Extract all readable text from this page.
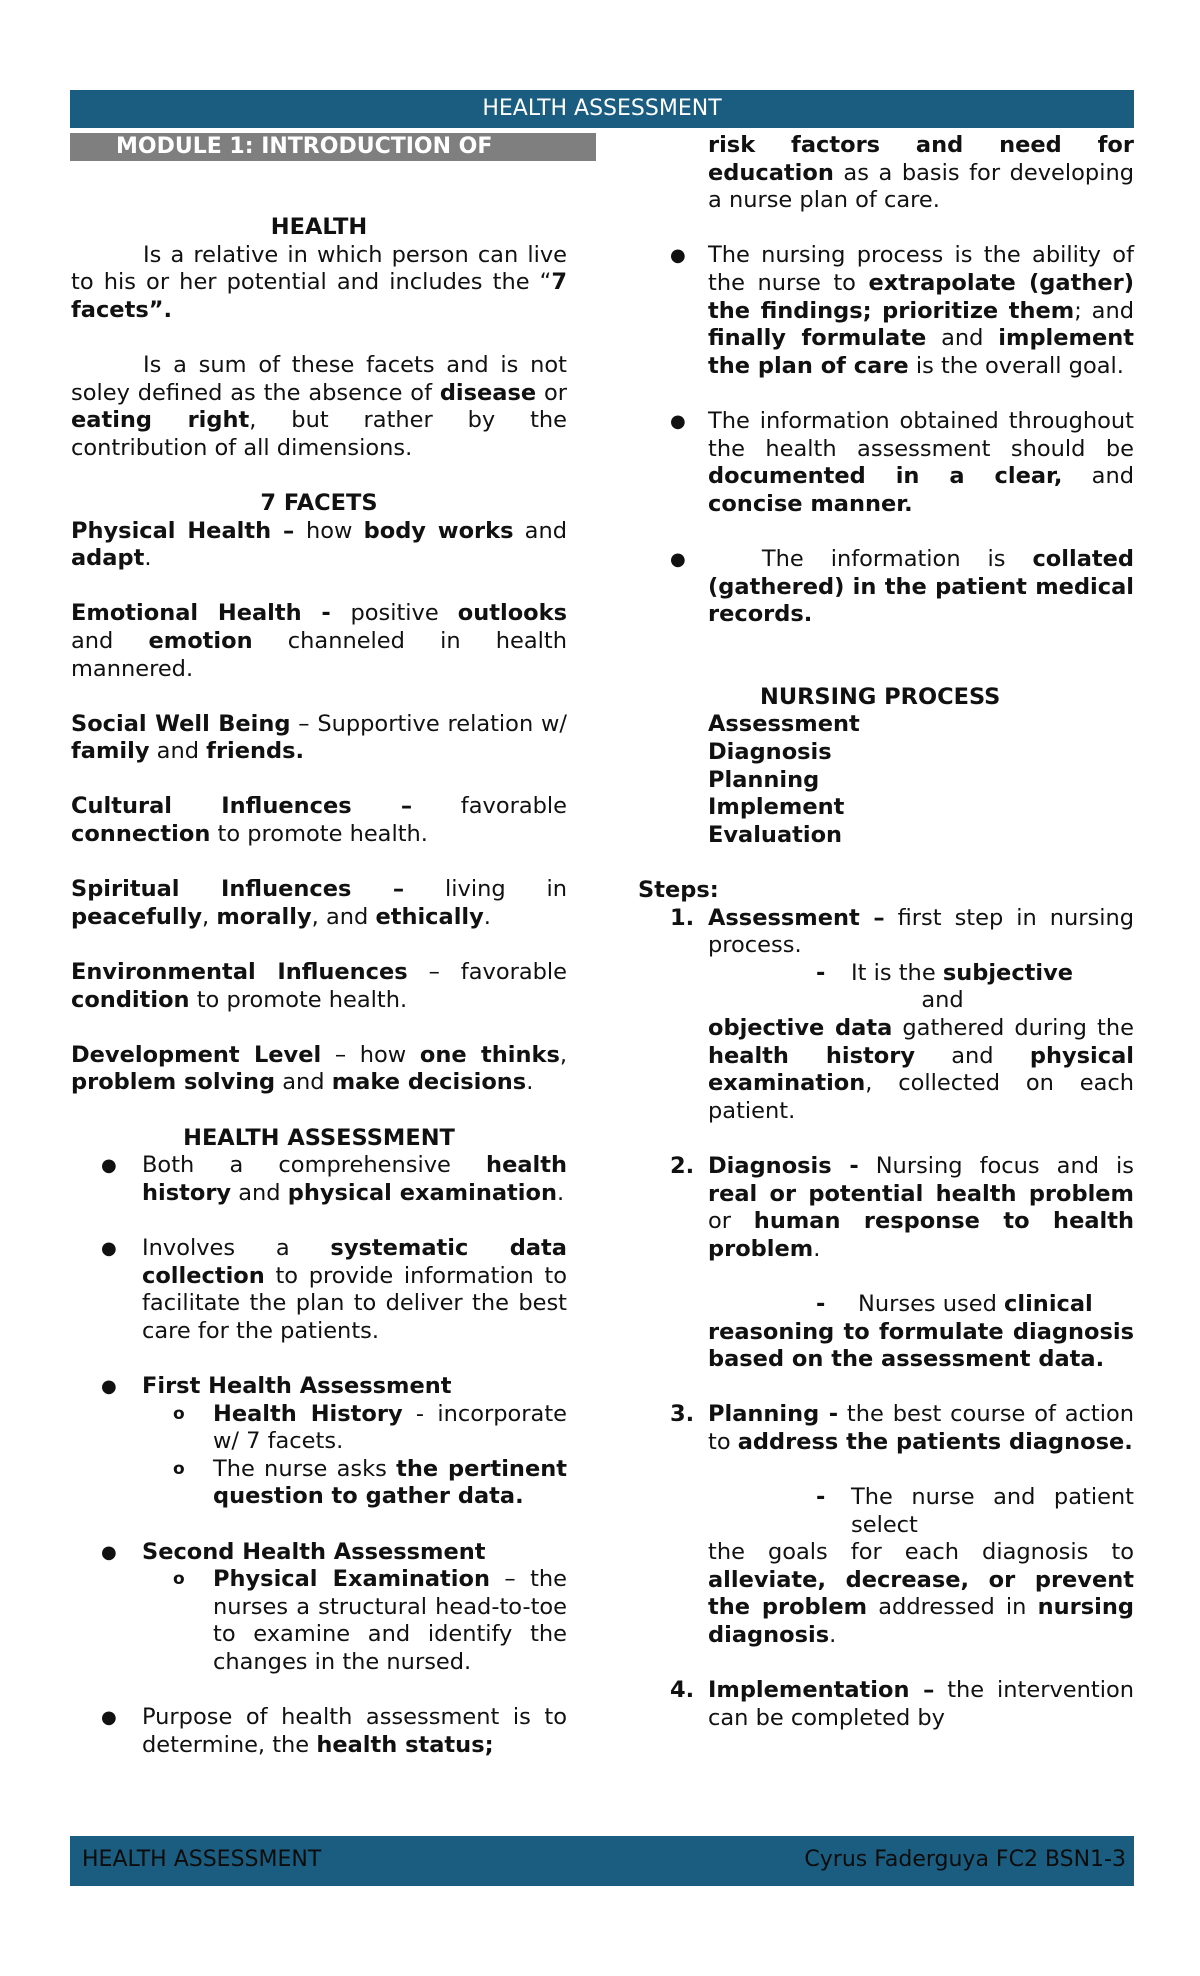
HEALTH ASSESSMENT
MODULE 1: INTRODUCTION OF

HEALTH

Is a relative in which person can live to his or her potential and includes the “7 facets”.

Is a sum of these facets and is not soley defined as the absence of disease or eating right, but rather by the contribution of all dimensions.

7 FACETS

Physical Health – how body works and adapt.

Emotional Health - positive outlooks and emotion channeled in health mannered.

Social Well Being – Supportive relation w/ family and friends.

Cultural Influences – favorable connection to promote health.

Spiritual Influences – living in peacefully, morally, and ethically.

Environmental Influences – favorable condition to promote health.

Development Level – how one thinks, problem solving and make decisions.

HEALTH ASSESSMENT

● Both a comprehensive health history and physical examination.
● Involves a systematic data collection to provide information to facilitate the plan to deliver the best care for the patients.
● First Health Assessment
o Health History - incorporate w/ 7 facets.
o The nurse asks the pertinent question to gather data.
● Second Health Assessment
o Physical Examination – the nurses a structural head-to-toe to examine and identify the changes in the nursed.
● Purpose of health assessment is to determine, the health status;

risk factors and need for education as a basis for developing a nurse plan of care.

● The nursing process is the ability of the nurse to extrapolate (gather) the findings; prioritize them; and finally formulate and implement the plan of care is the overall goal.
● The information obtained throughout the health assessment should be documented in a clear, and concise manner.
●	The information is collated (gathered) in the patient medical records.

NURSING PROCESS

Assessment

Diagnosis

Planning

Implement

Evaluation

Steps:

1. Assessment – first step in nursing process.
- It is the subjective

and

objective data gathered during the health history and physical examination, collected on each patient.

2. Diagnosis - Nursing focus and is real or potential health problem or human response to health problem.
- Nurses used clinical

reasoning to formulate diagnosis based on the assessment data.

3. Planning - the best course of action to address the patients diagnose.
- The nurse and patient select

the goals for each diagnosis to alleviate, decrease, or prevent the problem addressed in nursing diagnosis.

4. Implementation – the intervention can be completed by
HEALTH ASSESSMENT	Cyrus Faderguya FC2 BSN1-3
